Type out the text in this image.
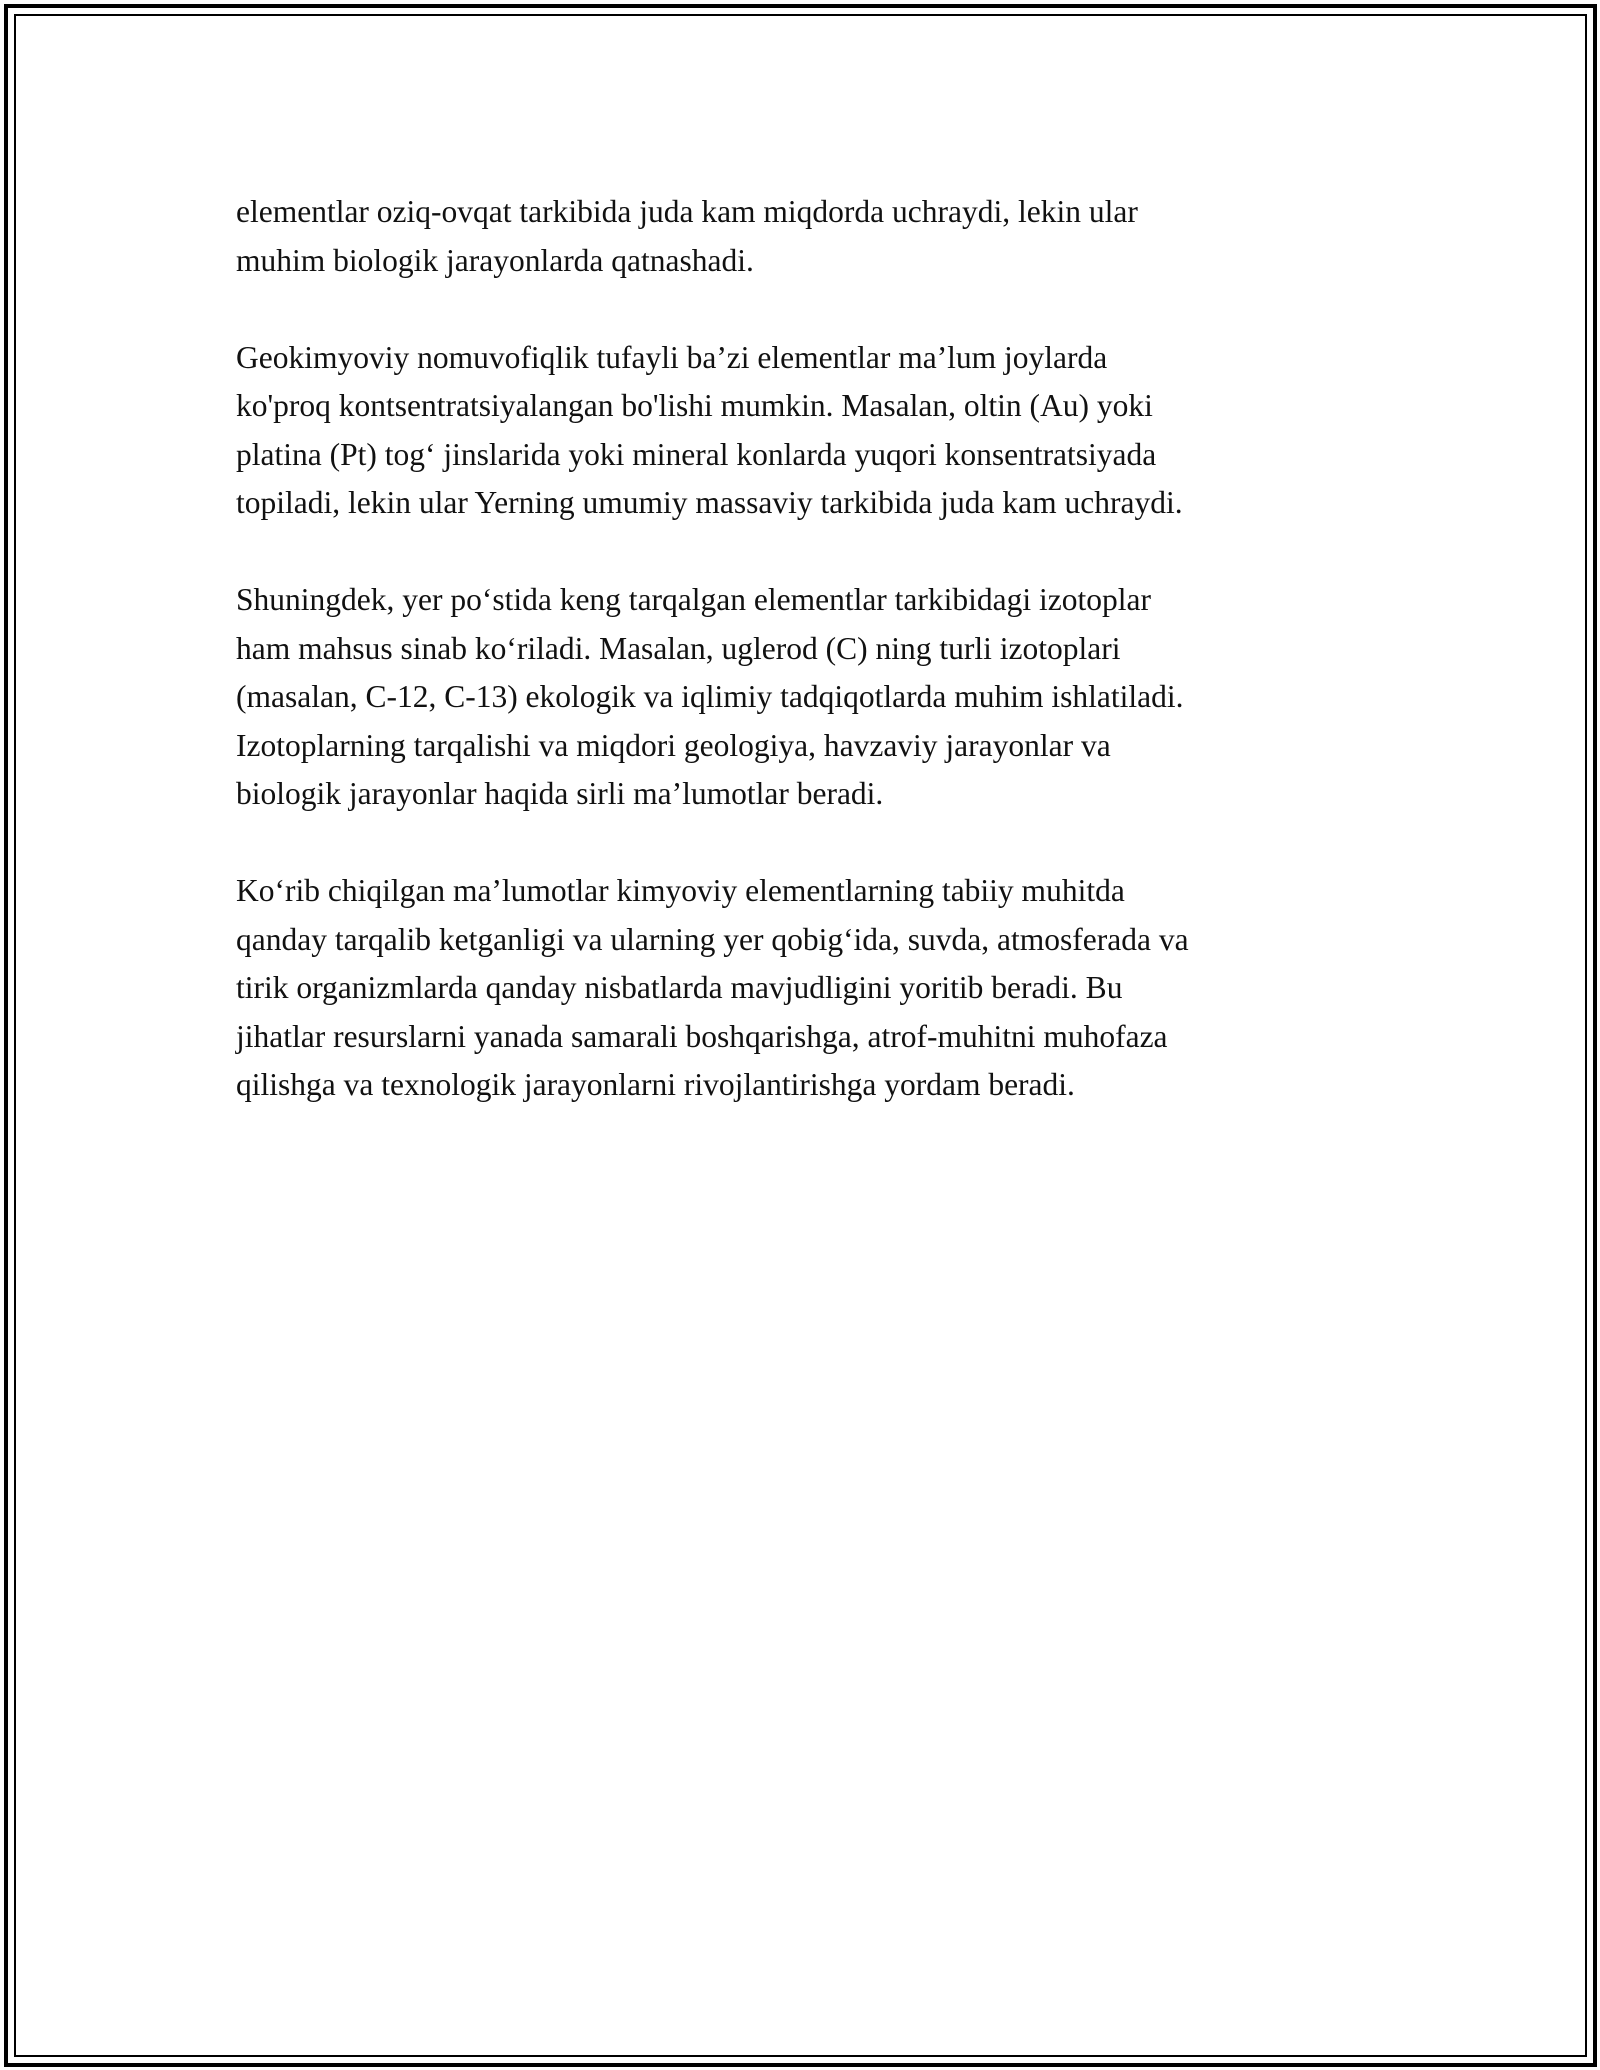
elementlar oziq-ovqat tarkibida juda kam miqdorda uchraydi, lekin ular
muhim biologik jarayonlarda qatnashadi.

Geokimyoviy nomuvofiqlik tufayli ba’zi elementlar ma’lum joylarda
ko'proq kontsentratsiyalangan bo'lishi mumkin. Masalan, oltin (Au) yoki
platina (Pt) tog‘ jinslarida yoki mineral konlarda yuqori konsentratsiyada
topiladi, lekin ular Yerning umumiy massaviy tarkibida juda kam uchraydi.

Shuningdek, yer po‘stida keng tarqalgan elementlar tarkibidagi izotoplar
ham mahsus sinab ko‘riladi. Masalan, uglerod (C) ning turli izotoplari
(masalan, C-12, C-13) ekologik va iqlimiy tadqiqotlarda muhim ishlatiladi.
Izotoplarning tarqalishi va miqdori geologiya, havzaviy jarayonlar va
biologik jarayonlar haqida sirli ma’lumotlar beradi.

Ko‘rib chiqilgan ma’lumotlar kimyoviy elementlarning tabiiy muhitda
qanday tarqalib ketganligi va ularning yer qobig‘ida, suvda, atmosferada va
tirik organizmlarda qanday nisbatlarda mavjudligini yoritib beradi. Bu
jihatlar resurslarni yanada samarali boshqarishga, atrof-muhitni muhofaza
qilishga va texnologik jarayonlarni rivojlantirishga yordam beradi.
